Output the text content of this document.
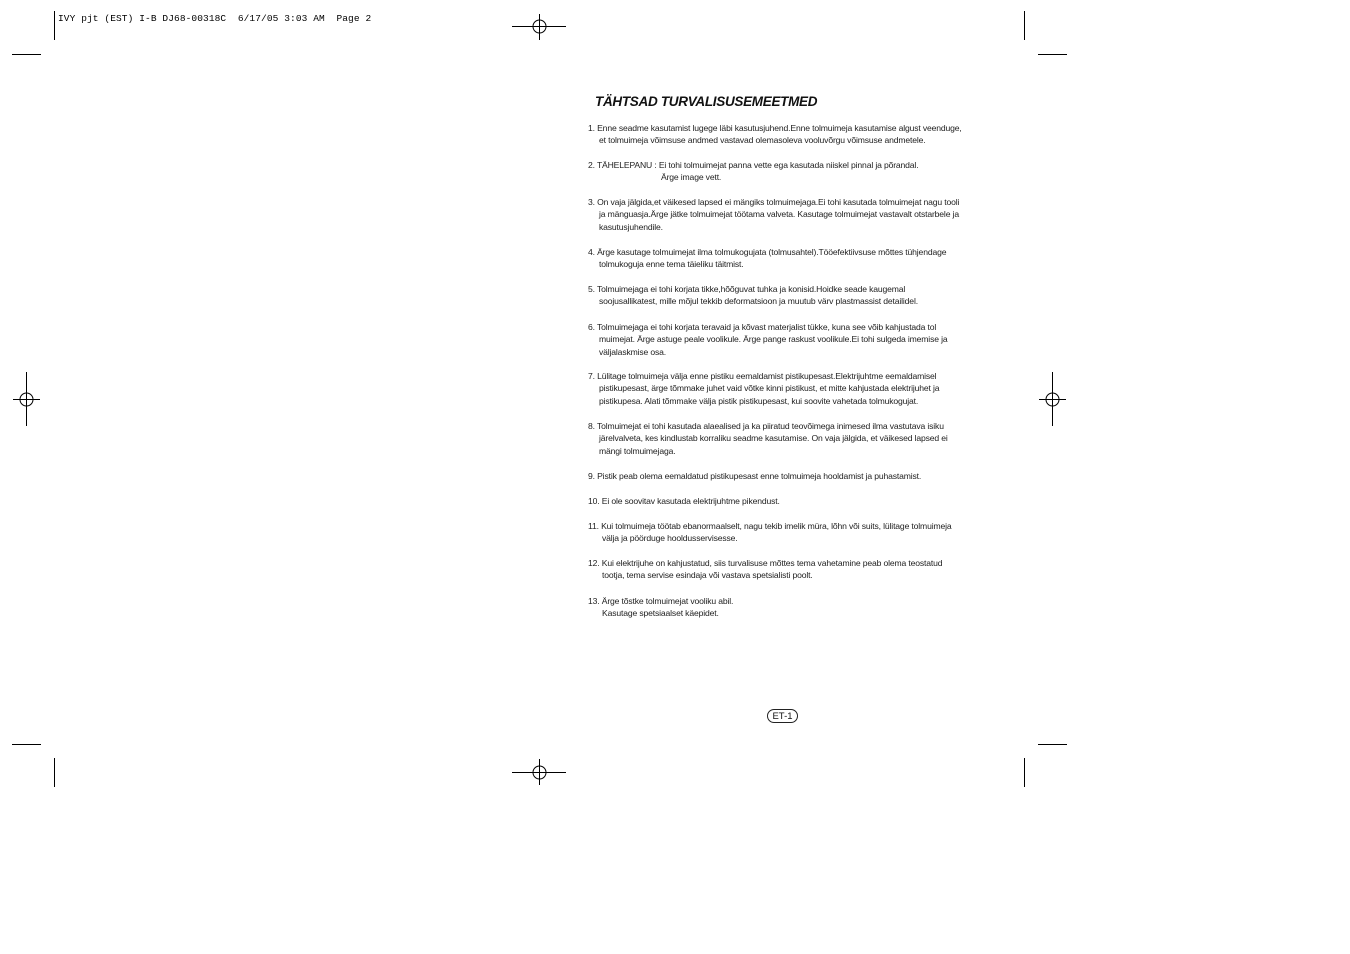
IVY pjt (EST) I-B DJ68-00318C  6/17/05 3:03 AM  Page 2
TÄHTSAD TURVALISUSEMEETMED
1. Enne seadme kasutamist lugege läbi kasutusjuhend.Enne tolmuimeja kasutamise algust veenduge,
et tolmuimeja võimsuse andmed vastavad olemasoleva vooluvõrgu võimsuse andmetele.
2. TÄHELEPANU : Ei tohi tolmuimejat panna vette ega kasutada niiskel pinnal ja põrandal.
Ärge image vett.
3. On vaja jälgida,et väikesed lapsed ei mängiks tolmuimejaga.Ei tohi kasutada tolmuimejat nagu tooli
ja mänguasja.Ärge jätke tolmuimejat töötama valveta. Kasutage tolmuimejat vastavalt otstarbele ja
kasutusjuhendile.
4. Ärge kasutage tolmuimejat ilma tolmukogujata (tolmusahtel).Tööefektiivsuse mõttes tühjendage
tolmukoguja enne tema täieliku täitmist.
5. Tolmuimejaga ei tohi korjata tikke,hõõguvat tuhka ja konisid.Hoidke seade kaugemal
soojusallikatest, mille mõjul tekkib deformatsioon ja muutub värv plastmassist detailidel.
6. Tolmuimejaga ei tohi korjata teravaid ja kõvast materjalist tükke, kuna see võib kahjustada tol
muimejat. Ärge astuge peale voolikule. Ärge pange raskust voolikule.Ei tohi sulgeda imemise ja
väljalaskmise osa.
7. Lülitage tolmuimeja välja enne pistiku eemaldamist pistikupesast.Elektrijuhtme eemaldamisel
pistikupesast, ärge tõmmake juhet vaid võtke kinni pistikust, et mitte kahjustada elektrijuhet ja
pistikupesa. Alati tõmmake välja pistik pistikupesast, kui soovite vahetada tolmukogujat.
8. Tolmuimejat ei tohi kasutada alaealised ja ka piiratud teovõimega inimesed ilma vastutava isiku
järelvalveta, kes kindlustab korraliku seadme kasutamise. On vaja jälgida, et väikesed lapsed ei
mängi tolmuimejaga.
9. Pistik peab olema eemaldatud pistikupesast enne tolmuimeja hooldamist ja puhastamist.
10. Ei ole soovitav kasutada elektrijuhtme pikendust.
11. Kui tolmuimeja töötab ebanormaalselt, nagu tekib imelik müra, lõhn või suits, lülitage tolmuimeja
välja ja pöörduge hooldusservisesse.
12. Kui elektrijuhe on kahjustatud, siis turvalisuse mõttes tema vahetamine peab olema teostatud
tootja, tema servise esindaja või vastava spetsialisti poolt.
13. Ärge tõstke tolmuimejat vooliku abil.
Kasutage spetsiaalset käepidet.
ET-1
